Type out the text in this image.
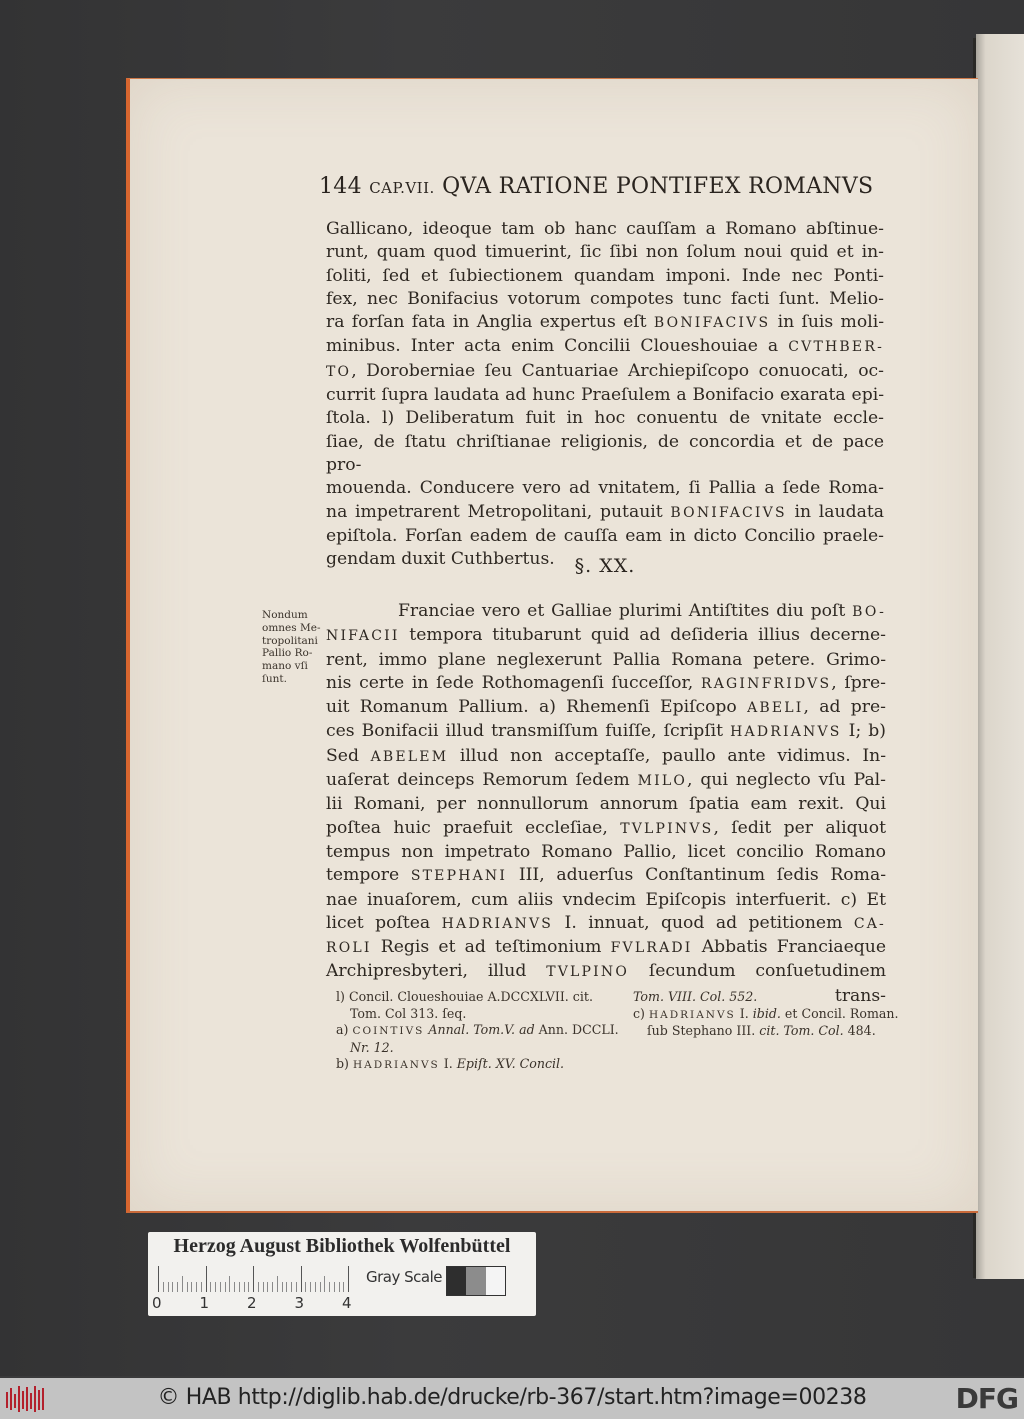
144 CAP.VII. QVA RATIONE PONTIFEX ROMANVS
Gallicano, ideoque tam ob hanc cauſſam a Romano abſtinue-
runt, quam quod timuerint, ſic ſibi non ſolum noui quid et in-
ſoliti, ſed et ſubiectionem quandam imponi. Inde nec Ponti-
fex, nec Bonifacius votorum compotes tunc facti ſunt. Melio-
ra forſan fata in Anglia expertus eſt BONIFACIVS in ſuis moli-
minibus. Inter acta enim Concilii Cloueshouiae a CVTHBER-
TO, Doroberniae ſeu Cantuariae Archiepiſcopo conuocati, oc-
currit ſupra laudata ad hunc Praeſulem a Bonifacio exarata epi-
ſtola. l) Deliberatum fuit in hoc conuentu de vnitate eccle-
ſiae, de ſtatu chriſtianae religionis, de concordia et de pace pro-
mouenda. Conducere vero ad vnitatem, ſi Pallia a ſede Roma-
na impetrarent Metropolitani, putauit BONIFACIVS in laudata
epiſtola. Forſan eadem de cauſſa eam in dicto Concilio praele-
gendam duxit Cuthbertus.	§. XX.
Nondum
omnes Me-
tropolitani
Pallio Ro-
mano vſi
ſunt.
Franciae vero et Galliae plurimi Antiſtites diu poſt BO-
NIFACII tempora titubarunt quid ad deſideria illius decerne-
rent, immo plane neglexerunt Pallia Romana petere. Grimo-
nis certe in ſede Rothomagenſi ſucceſſor, RAGINFRIDVS, ſpre-
uit Romanum Pallium. a) Rhemenſi Epiſcopo ABELI, ad pre-
ces Bonifacii illud transmiſſum fuiſſe, ſcripſit HADRIANVS I; b)
Sed ABELEM illud non acceptaſſe, paullo ante vidimus. In-
uaſerat deinceps Remorum ſedem MILO, qui neglecto vſu Pal-
lii Romani, per nonnullorum annorum ſpatia eam rexit. Qui
poſtea huic praefuit eccleſiae, TVLPINVS, ſedit per aliquot
tempus non impetrato Romano Pallio, licet concilio Romano
tempore STEPHANI III, aduerſus Conſtantinum ſedis Roma-
nae inuaſorem, cum aliis vndecim Epiſcopis interfuerit. c) Et
licet poſtea HADRIANVS I. innuat, quod ad petitionem CA-
ROLI Regis et ad teſtimonium FVLRADI Abbatis Franciaeque
Archipresbyteri, illud TVLPINO ſecundum conſuetudinem
trans-
l) Concil. Cloueshouiae A.DCCXLVII. cit. Tom. Col 313. ſeq.
a) COINTIVS Annal. Tom.V. ad Ann. DCCLI. Nr. 12.
b) HADRIANVS I. Epiſt. XV. Concil.
Tom. VIII. Col. 552.
c) HADRIANVS I. ibid. et Concil. Roman. ſub Stephano III. cit. Tom. Col. 484.
Herzog August Bibliothek Wolfenbüttel
0	1	2	3	4
Gray Scale
© HAB http://diglib.hab.de/drucke/rb-367/start.htm?image=00238	DFG
